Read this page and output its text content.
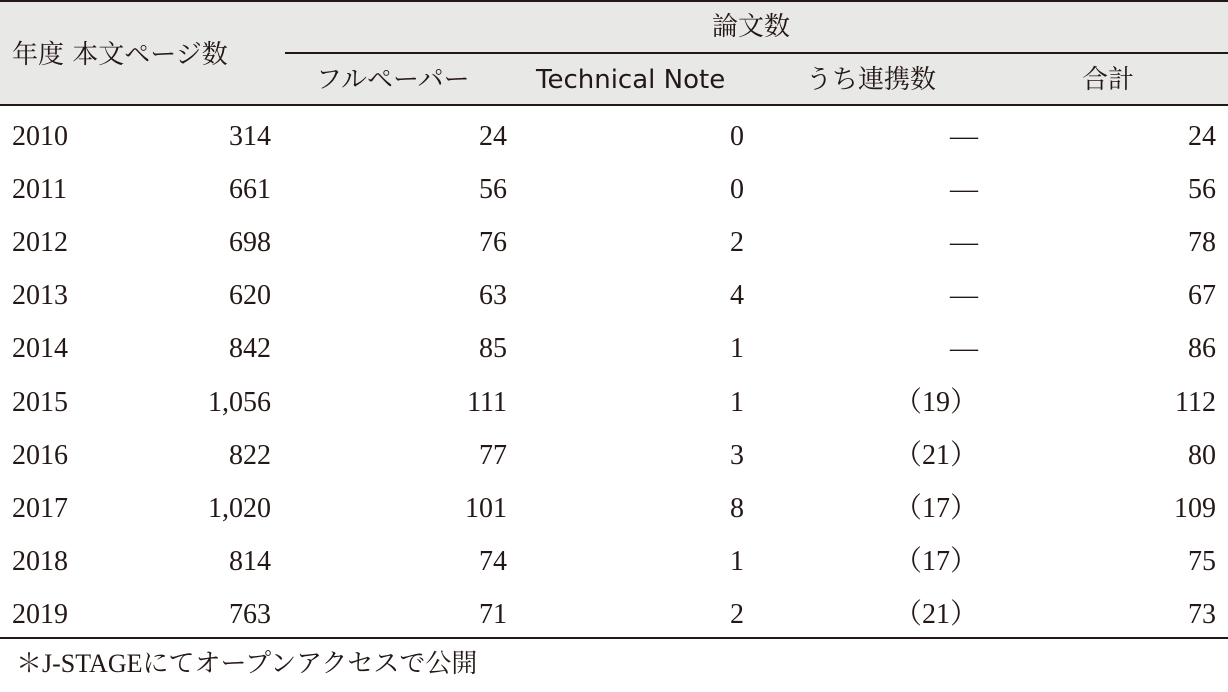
年度 本文ページ数
論文数
フルペーパー	Technical Note	うち連携数	合計
2010	314	24	0	―	24
2011	661	56	0	―	56
2012	698	76	2	―	78
2013	620	63	4	―	67
2014	842	85	1	―	86
2015	1,056	111	1	（19）	112
2016	822	77	3	（21）	80
2017	1,020	101	8	（17）	109
2018	814	74	1	（17）	75
2019	763	71	2	（21）	73
＊J-STAGEにてオープンアクセスで公開
